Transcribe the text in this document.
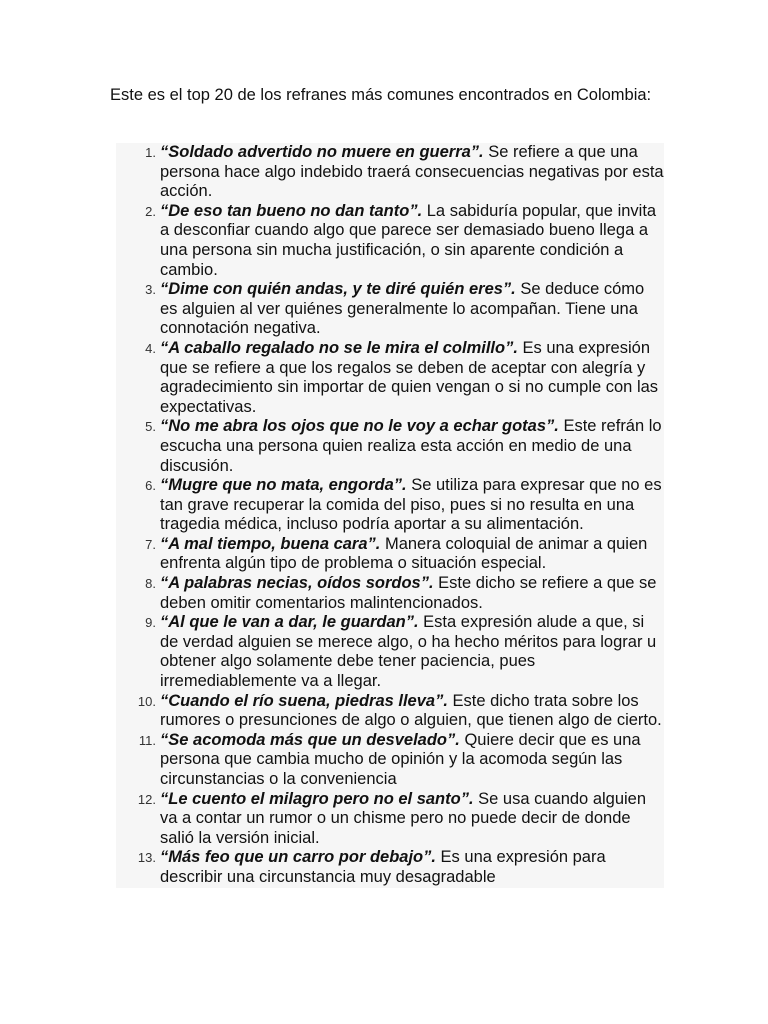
Este es el top 20 de los refranes más comunes encontrados en Colombia:

1. “Soldado advertido no muere en guerra”. Se refiere a que una persona hace algo indebido traerá consecuencias negativas por esta acción.
2. “De eso tan bueno no dan tanto”. La sabiduría popular, que invita a desconfiar cuando algo que parece ser demasiado bueno llega a una persona sin mucha justificación, o sin aparente condición a cambio.
3. “Dime con quién andas, y te diré quién eres”. Se deduce cómo es alguien al ver quiénes generalmente lo acompañan. Tiene una connotación negativa.
4. “A caballo regalado no se le mira el colmillo”. Es una expresión que se refiere a que los regalos se deben de aceptar con alegría y agradecimiento sin importar de quien vengan o si no cumple con las expectativas.
5. “No me abra los ojos que no le voy a echar gotas”. Este refrán lo escucha una persona quien realiza esta acción en medio de una discusión.
6. “Mugre que no mata, engorda”. Se utiliza para expresar que no es tan grave recuperar la comida del piso, pues si no resulta en una tragedia médica, incluso podría aportar a su alimentación.
7. “A mal tiempo, buena cara”. Manera coloquial de animar a quien enfrenta algún tipo de problema o situación especial.
8. “A palabras necias, oídos sordos”. Este dicho se refiere a que se deben omitir comentarios malintencionados.
9. “Al que le van a dar, le guardan”. Esta expresión alude a que, si de verdad alguien se merece algo, o ha hecho méritos para lograr u obtener algo solamente debe tener paciencia, pues irremediablemente va a llegar.
10. “Cuando el río suena, piedras lleva”. Este dicho trata sobre los rumores o presunciones de algo o alguien, que tienen algo de cierto.
11. “Se acomoda más que un desvelado”. Quiere decir que es una persona que cambia mucho de opinión y la acomoda según las circunstancias o la conveniencia
12. “Le cuento el milagro pero no el santo”. Se usa cuando alguien va a contar un rumor o un chisme pero no puede decir de donde salió la versión inicial.
13. “Más feo que un carro por debajo”. Es una expresión para describir una circunstancia muy desagradable
